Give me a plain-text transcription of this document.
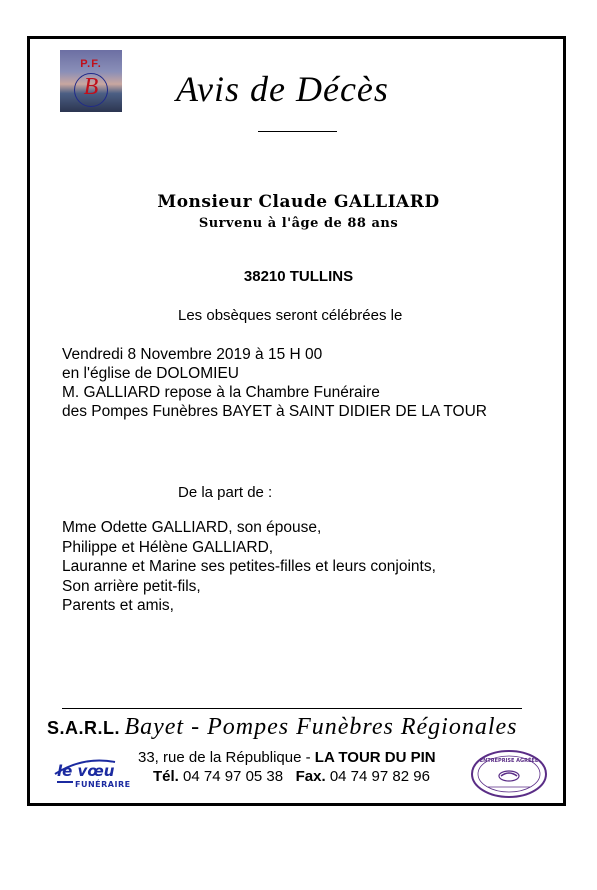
P.F.
B	Avis de Décès
Monsieur Claude GALLIARD
Survenu à l'âge de 88 ans
38210 TULLINS
Les obsèques seront célébrées le
Vendredi 8 Novembre 2019 à 15 H 00
en l'église de DOLOMIEU
M. GALLIARD repose à la Chambre Funéraire
des Pompes Funèbres BAYET à SAINT DIDIER DE LA TOUR
De la part de :
Mme Odette GALLIARD, son épouse,
Philippe et Hélène GALLIARD,
Lauranne et Marine ses petites-filles et leurs conjoints,
Son arrière petit-fils,
Parents et amis,
S.A.R.L. Bayet - Pompes Funèbres Régionales
33, rue de la République - LA TOUR DU PIN
Tél. 04 74 97 05 38 Fax. 04 74 97 82 96
le vœu
FUNÉRAIRE
ENTREPRISE AGRÉÉE
